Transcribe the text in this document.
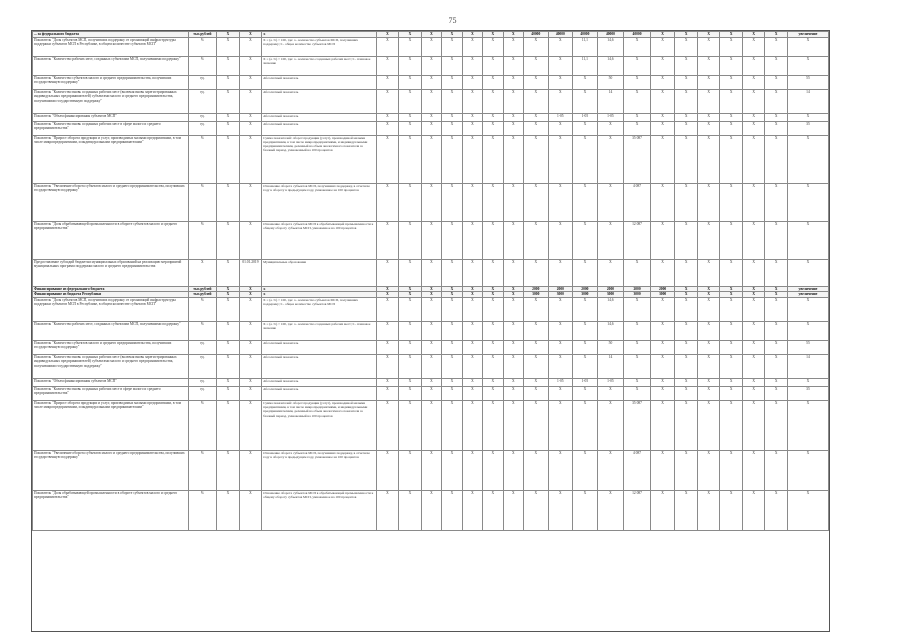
75
... за федерального бюджета	тыс.рублей	X	X	X	X	X	X	X	X	X	X	40000	40000	40000	40000	40000	X	X	X	X	X	X	увеличение
Показатель "Доля субъектов МСП, получивших поддержку от организаций инфраструктуры поддержки субъектов МСП в Республике, в общем количестве субъектов МСП"	%	X	X	X = (a / b) × 100, где: a - количество субъектов МСП, получивших поддержку; b - общее количество субъектов МСП	X	X	X	X	X	X	X	X	X	11,1	14,6	X	X	X	X	X	X	X	X
Показатель "Количество рабочих мест, созданных субъектами МСП, получившими поддержку"	%	X	X	X = (a / b) × 100, где: a - количество созданных рабочих мест; b - плановое значение	X	X	X	X	X	X	X	X	X	11,1	14,6	X	X	X	X	X	X	X	X
Показатель "Количество субъектов малого и среднего предпринимательства, получивших государственную поддержку"	ед.	X	X	Абсолютный показатель	X	X	X	X	X	X	X	X	X	X	50	X	X	X	X	X	X	X	55
Показатель "Количество вновь созданных рабочих мест (включая вновь зарегистрированных индивидуальных предпринимателей) субъектами малого и среднего предпринимательства, получившими государственную поддержку"	ед.	X	X	Абсолютный показатель	X	X	X	X	X	X	X	X	X	X	14	X	X	X	X	X	X	X	14
Показатель "Объем финансирования субъектов МСП"	ед.	X	X	Абсолютный показатель	X	X	X	X	X	X	X	X	1-05	1-05	1-05	X	X	X	X	X	X	X	X
Показатель "Количество вновь созданных рабочих мест в сфере малого и среднего предпринимательства"	ед.	X	X	Абсолютный показатель	X	X	X	X	X	X	X	X	X	X	X	X	X	X	X	X	X	X	35
Показатель "Прирост оборота продукции и услуг, производимых малыми предприятиями, в том числе микропредприятиями, и индивидуальными предпринимателями"	%	X	X	Сумма показателей: оборот продукции (услуг), производимой малыми предприятиями, в том числе микропредприятиями, и индивидуальными предпринимателями, деленный на объем аналогичного показателя за базовый период, умноженный на 100 процентов	X	X	X	X	X	X	X	X	X	X	X	35 087	X	X	X	X	X	X	X
Показатель "Увеличение оборота субъектов малого и среднего предпринимательства, получивших государственную поддержку"	%	X	X	Отношение оборота субъектов МСП, получивших поддержку, в отчетном году к обороту в предыдущем году, умноженное на 100 процентов	X	X	X	X	X	X	X	X	X	X	X	4 087	X	X	X	X	X	X	X
Показатель "Доля обрабатывающей промышленности в обороте субъектов малого и среднего предпринимательства"	%	X	X	Отношение оборота субъектов МСП в обрабатывающей промышленности к общему обороту субъектов МСП, умноженное на 100 процентов	X	X	X	X	X	X	X	X	X	X	X	12 087	X	X	X	X	X	X	X
Предоставление субсидий бюджетам муниципальных образований на реализацию мероприятий муниципальных программ поддержки малого и среднего предпринимательства	X	X	01.01.2019	Муниципальные образования	X	X	X	X	X	X	X	X	X	X	X	X	X	X	X	X	X	X	X
Финансирование из федерального бюджета	тыс.рублей	X	X	X	X	X	X	X	X	X	X	2000	2000	2000	2000	2000	2000	X	X	X	X	X	увеличение
Финансирование из бюджета Республики	тыс.рублей	X	X	X	X	X	X	X	X	X	X	3000	3000	3000	3000	3000	3000	X	X	X	X	X	увеличение
Показатель "Доля субъектов МСП, получивших поддержку от организаций инфраструктуры поддержки субъектов МСП в Республике, в общем количестве субъектов МСП"	%	X	X	X = (a / b) × 100, где: a - количество субъектов МСП, получивших поддержку; b - общее количество субъектов МСП	X	X	X	X	X	X	X	X	X	X	14,6	X	X	X	X	X	X	X	X
Показатель "Количество рабочих мест, созданных субъектами МСП, получившими поддержку"	%	X	X	X = (a / b) × 100, где: a - количество созданных рабочих мест; b - плановое значение	X	X	X	X	X	X	X	X	X	X	14,6	X	X	X	X	X	X	X	X
Показатель "Количество субъектов малого и среднего предпринимательства, получивших государственную поддержку"	ед.	X	X	Абсолютный показатель	X	X	X	X	X	X	X	X	X	X	50	X	X	X	X	X	X	X	55
Показатель "Количество вновь созданных рабочих мест (включая вновь зарегистрированных индивидуальных предпринимателей) субъектами малого и среднего предпринимательства, получившими государственную поддержку"	ед.	X	X	Абсолютный показатель	X	X	X	X	X	X	X	X	X	X	14	X	X	X	X	X	X	X	14
Показатель "Объем финансирования субъектов МСП"	ед.	X	X	Абсолютный показатель	X	X	X	X	X	X	X	X	1-05	1-05	1-05	X	X	X	X	X	X	X	X
Показатель "Количество вновь созданных рабочих мест в сфере малого и среднего предпринимательства"	ед.	X	X	Абсолютный показатель	X	X	X	X	X	X	X	X	X	X	X	X	X	X	X	X	X	X	35
Показатель "Прирост оборота продукции и услуг, производимых малыми предприятиями, в том числе микропредприятиями, и индивидуальными предпринимателями"	%	X	X	Сумма показателей: оборот продукции (услуг), производимой малыми предприятиями, в том числе микропредприятиями, и индивидуальными предпринимателями, деленный на объем аналогичного показателя за базовый период, умноженный на 100 процентов	X	X	X	X	X	X	X	X	X	X	X	35 087	X	X	X	X	X	X	X
Показатель "Увеличение оборота субъектов малого и среднего предпринимательства, получивших государственную поддержку"	%	X	X	Отношение оборота субъектов МСП, получивших поддержку, в отчетном году к обороту в предыдущем году, умноженное на 100 процентов	X	X	X	X	X	X	X	X	X	X	X	4 087	X	X	X	X	X	X	X
Показатель "Доля обрабатывающей промышленности в обороте субъектов малого и среднего предпринимательства"	%	X	X	Отношение оборота субъектов МСП в обрабатывающей промышленности к общему обороту субъектов МСП, умноженное на 100 процентов	X	X	X	X	X	X	X	X	X	X	X	12 087	X	X	X	X	X	X	X
